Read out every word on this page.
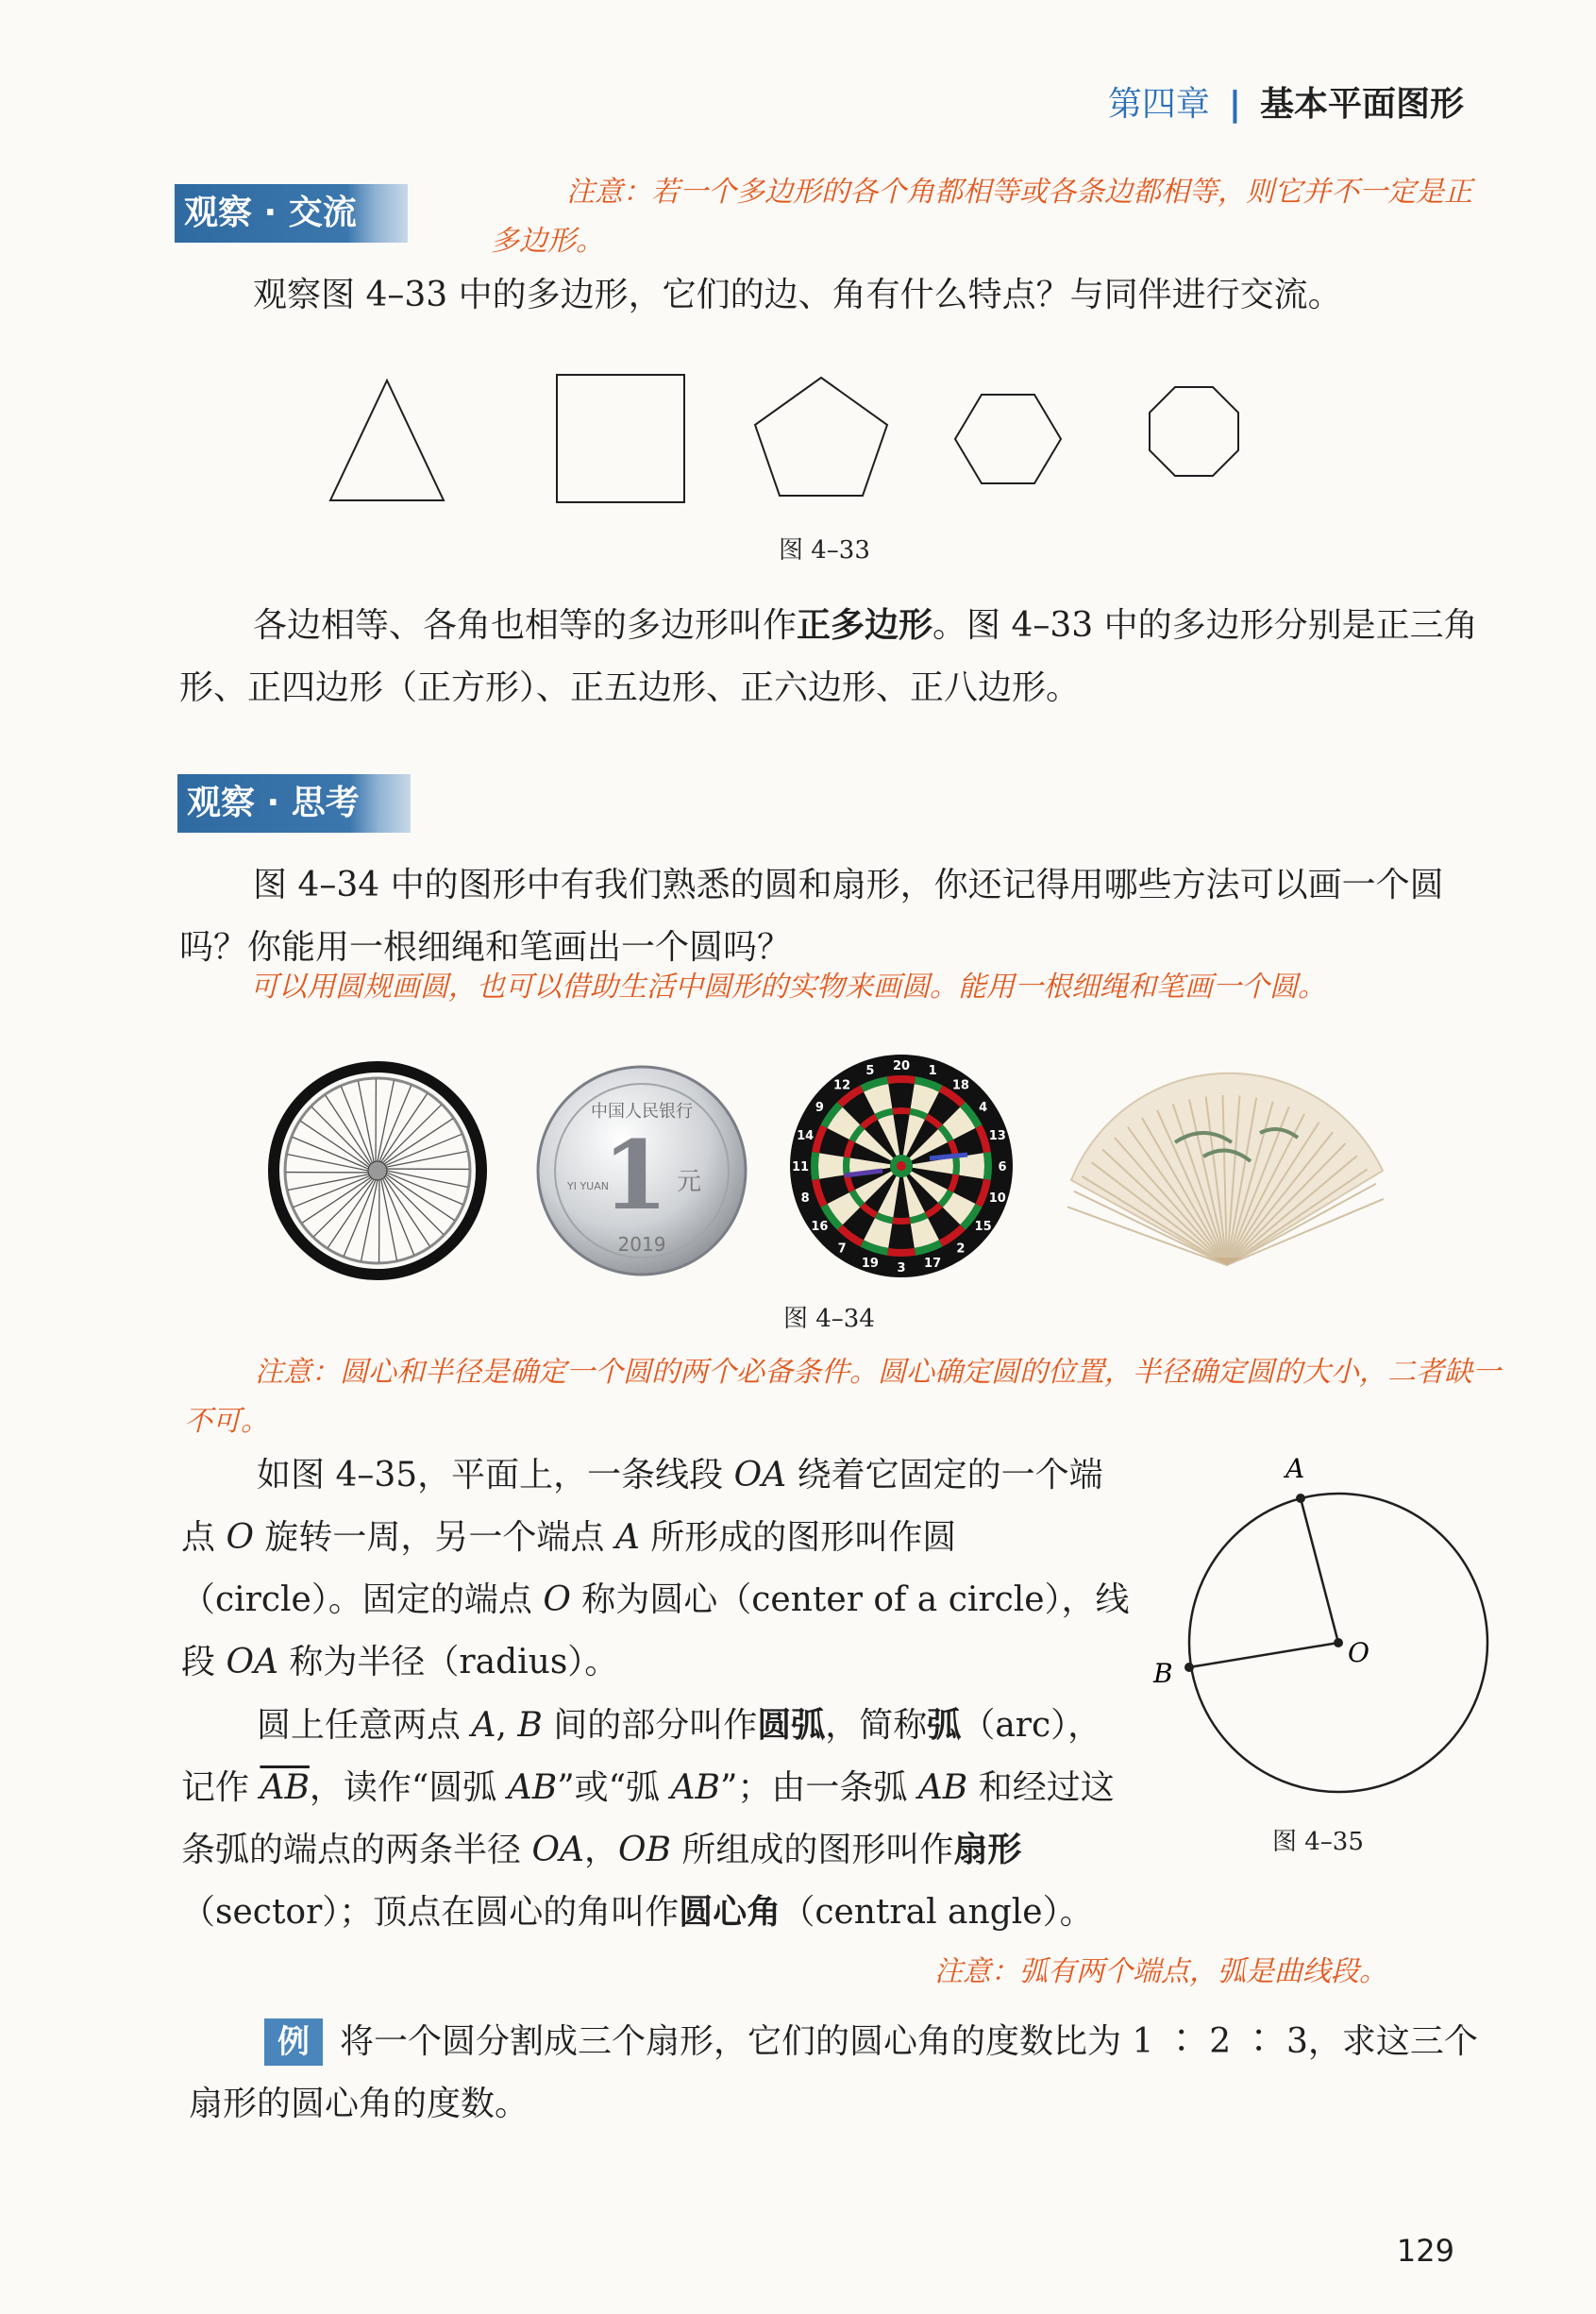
第四章 | 基本平面图形
观察 · 交流
注意：若一个多边形的各个角都相等或各条边都相等，则它并不一定是正多边形。
观察图 4–33 中的多边形，它们的边、角有什么特点？与同伴进行交流。
图 4–33
各边相等、各角也相等的多边形叫作正多边形。图 4–33 中的多边形分别是正三角形、正四边形（正方形）、正五边形、正六边形、正八边形。
观察 · 思考
图 4–34 中的图形中有我们熟悉的圆和扇形，你还记得用哪些方法可以画一个圆吗？你能用一根细绳和笔画出一个圆吗？
可以用圆规画圆，也可以借助生活中圆形的实物来画圆。能用一根细绳和笔画一个圆。
中国人民银行
1 元
YI YUAN
2019
20 1
18
4
13
6
10
15
2
17
3
19
7
16
8
11
14
9
12
5
图 4–34
注意：圆心和半径是确定一个圆的两个必备条件。圆心确定圆的位置，半径确定圆的大小，二者缺一不可。
如图 4–35，平面上，一条线段 OA 绕着它固定的一个端点 O 旋转一周，另一个端点 A 所形成的图形叫作圆（circle）。固定的端点 O 称为圆心（center of a circle），线段 OA 称为半径（radius）。
圆上任意两点 A, B 间的部分叫作圆弧，简称弧（arc），记作 $\overline{AB}$，读作“圆弧 AB”或“弧 AB”；由一条弧 AB 和经过这条弧的端点的两条半径 OA，OB 所组成的图形叫作扇形（sector）；顶点在圆心的角叫作圆心角（central angle）。
A
B
O
图 4–35
注意：弧有两个端点，弧是曲线段。
例 将一个圆分割成三个扇形，它们的圆心角的度数比为 1 ∶ 2 ∶ 3，求这三个扇形的圆心角的度数。
129
